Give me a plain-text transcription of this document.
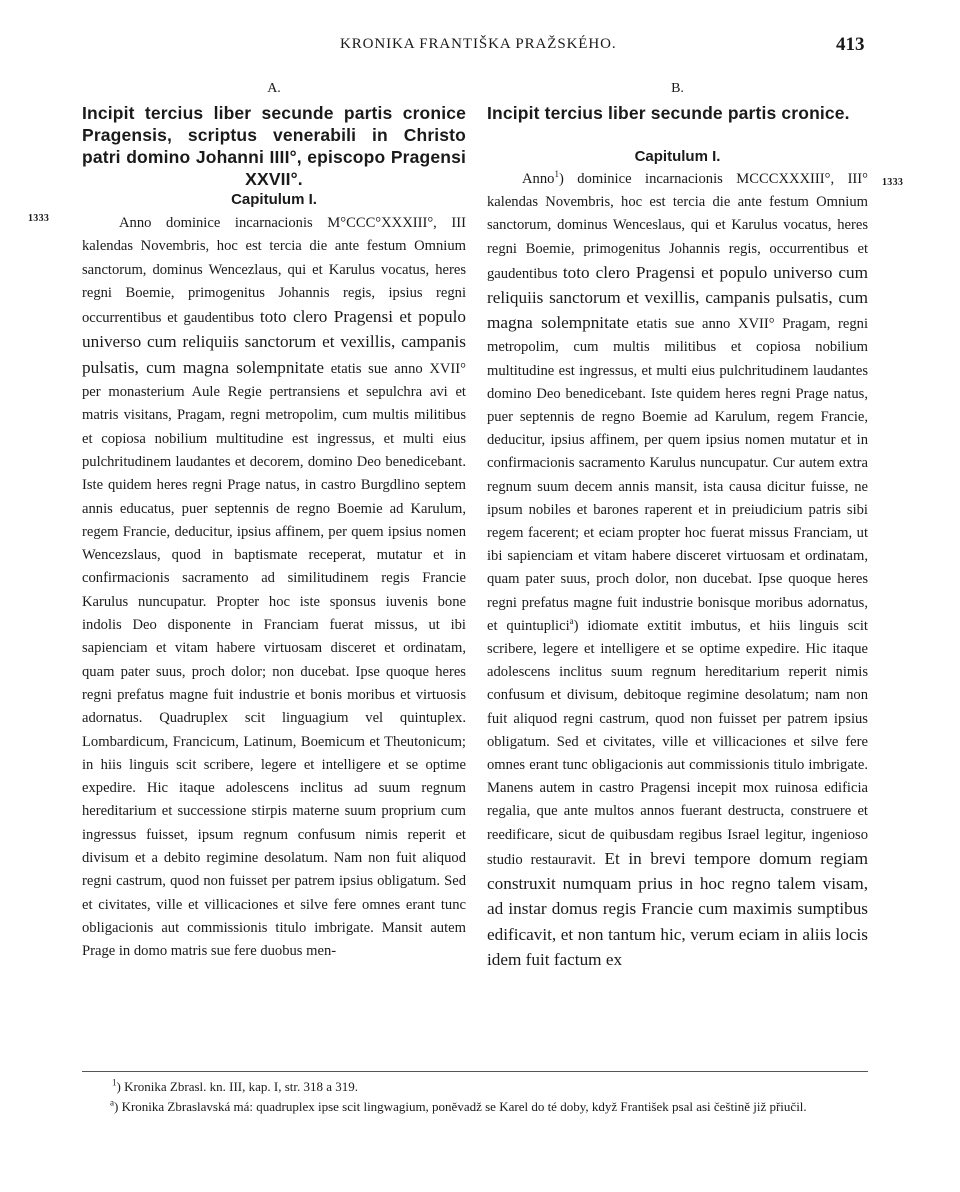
KRONIKA FRANTIŠKA PRAŽSKÉHO.	413
1333
1333
A.
Incipit tercius liber secunde partis cronice Pragensis, scriptus venerabili in Christo patri domino Johanni IIII°, episcopo Pragensi XXVII°.
Capitulum I.

Anno dominice incarnacionis M°CCC°XXXIII°, III kalendas Novembris, hoc est tercia die ante festum Omnium sanctorum, dominus Wencezlaus, qui et Karulus vocatus, heres regni Boemie, primogenitus Johannis regis, ipsius regni occurrentibus et gaudentibus toto clero Pragensi et populo universo cum reliquiis sanctorum et vexillis, campanis pulsatis, cum magna solempnitate etatis sue anno XVII° per monasterium Aule Regie pertransiens et sepulchra avi et matris visitans, Pragam, regni metropolim, cum multis militibus et copiosa nobilium multitudine est ingressus, et multi eius pulchritudinem laudantes et decorem, domino Deo benedicebant. Iste quidem heres regni Prage natus, in castro Burgdlino septem annis educatus, puer septennis de regno Boemie ad Karulum, regem Francie, deducitur, ipsius affinem, per quem ipsius nomen Wencezslaus, quod in baptismate receperat, mutatur et in confirmacionis sacramento ad similitudinem regis Francie Karulus nuncupatur. Propter hoc iste sponsus iuvenis bone indolis Deo disponente in Franciam fuerat missus, ut ibi sapienciam et vitam habere virtuosam disceret et ordinatam, quam pater suus, proch dolor; non ducebat. Ipse quoque heres regni prefatus magne fuit industrie et bonis moribus et virtuosis adornatus. Quadruplex scit linguagium vel quintuplex. Lombardicum, Francicum, Latinum, Boemicum et Theutonicum; in hiis linguis scit scribere, legere et intelligere et se optime expedire. Hic itaque adolescens inclitus ad suum regnum hereditarium et successione stirpis materne suum proprium cum ingressus fuisset, ipsum regnum confusum nimis reperit et divisum et a debito regimine desolatum. Nam non fuit aliquod regni castrum, quod non fuisset per patrem ipsius obligatum. Sed et civitates, ville et villicaciones et silve fere omnes erant tunc obligacionis aut commissionis titulo imbrigate. Mansit autem Prage in domo matris sue fere duobus men-

B.
Incipit tercius liber secunde partis cronice.
Capitulum I.

Anno$^1$) dominice incarnacionis MCCCXXXIII°, III° kalendas Novembris, hoc est tercia die ante festum Omnium sanctorum, dominus Wenceslaus, qui et Karulus vocatus, heres regni Boemie, primogenitus Johannis regis, occurrentibus et gaudentibus toto clero Pragensi et populo universo cum reliquiis sanctorum et vexillis, campanis pulsatis, cum magna solempnitate etatis sue anno XVII° Pragam, regni metropolim, cum multis militibus et copiosa nobilium multitudine est ingressus, et multi eius pulchritudinem laudantes domino Deo benedicebant. Iste quidem heres regni Prage natus, puer septennis de regno Boemie ad Karulum, regem Francie, deducitur, ipsius affinem, per quem ipsius nomen mutatur et in confirmacionis sacramento Karulus nuncupatur. Cur autem extra regnum suum decem annis mansit, ista causa dicitur fuisse, ne ipsum nobiles et barones raperent et in preiudicium patris sibi regem facerent; et eciam propter hoc fuerat missus Franciam, ut ibi sapienciam et vitam habere disceret virtuosam et ordinatam, quam pater suus, proch dolor, non ducebat. Ipse quoque heres regni prefatus magne fuit industrie bonisque moribus adornatus, et quintuplici$^a$) idiomate extitit imbutus, et hiis linguis scit scribere, legere et intelligere et se optime expedire. Hic itaque adolescens inclitus suum regnum hereditarium reperit nimis confusum et divisum, debitoque regimine desolatum; nam non fuit aliquod regni castrum, quod non fuisset per patrem ipsius obligatum. Sed et civitates, ville et villicaciones et silve fere omnes erant tunc obligacionis aut commissionis titulo imbrigate. Manens autem in castro Pragensi incepit mox ruinosa edificia regalia, que ante multos annos fuerant destructa, construere et reedificare, sicut de quibusdam regibus Israel legitur, ingenioso studio restauravit. Et in brevi tempore domum regiam construxit numquam prius in hoc regno talem visam, ad instar domus regis Francie cum maximis sumptibus edificavit, et non tantum hic, verum eciam in aliis locis idem fuit factum ex

$^1$) Kronika Zbrasl. kn. III, kap. I, str. 318 a 319.

$^a$) Kronika Zbraslavská má: quadruplex ipse scit lingwagium, poněvadž se Karel do té doby, když František psal asi češtině již přiučil.
